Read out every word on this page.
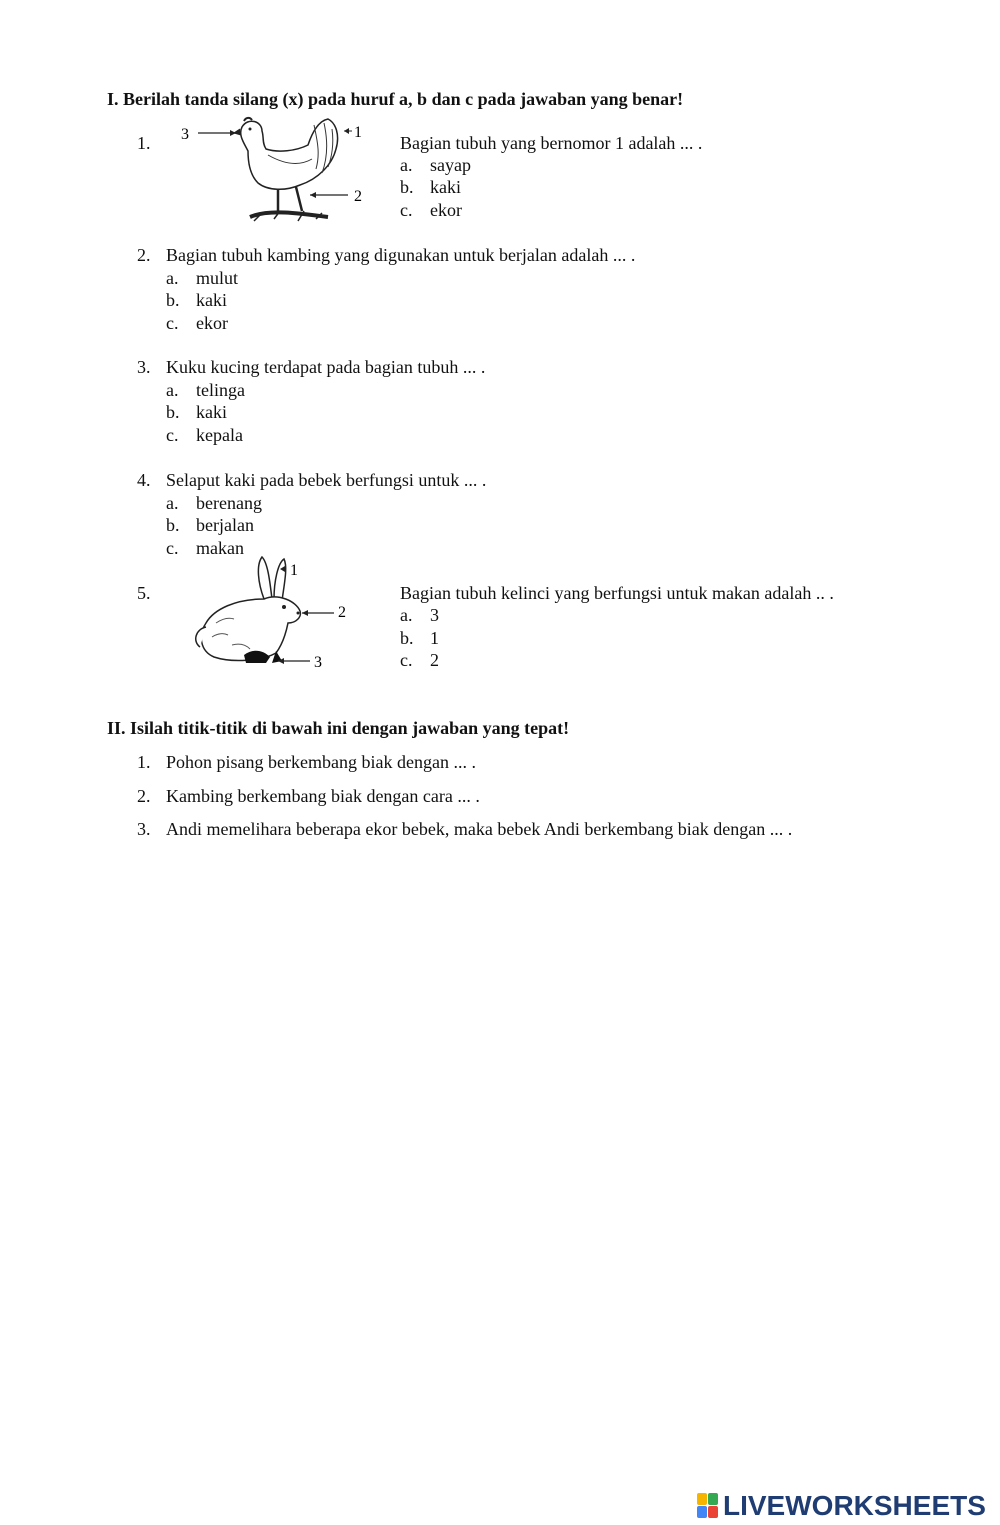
I. Berilah tanda silang (x) pada huruf a, b dan c pada jawaban yang benar!
1. 3	1
2
Bagian tubuh yang bernomor 1 adalah ... .
a. sayap
b. kaki
c. ekor
2. Bagian tubuh kambing yang digunakan untuk berjalan adalah ... .
a. mulut
b. kaki
c. ekor
3. Kuku kucing terdapat pada bagian tubuh ... .
a. telinga
b. kaki
c. kepala
4. Selaput kaki pada bebek berfungsi untuk ... .
a. berenang
b. berjalan
c. makan
5.
1
2
3
Bagian tubuh kelinci yang berfungsi untuk makan adalah .. .
a. 3
b. 1
c. 2
II. Isilah titik-titik di bawah ini dengan jawaban yang tepat!
1. Pohon pisang berkembang biak dengan ... .
2. Kambing berkembang biak dengan cara ... .
3. Andi memelihara beberapa ekor bebek, maka bebek Andi berkembang biak dengan ... .
LIVEWORKSHEETS
